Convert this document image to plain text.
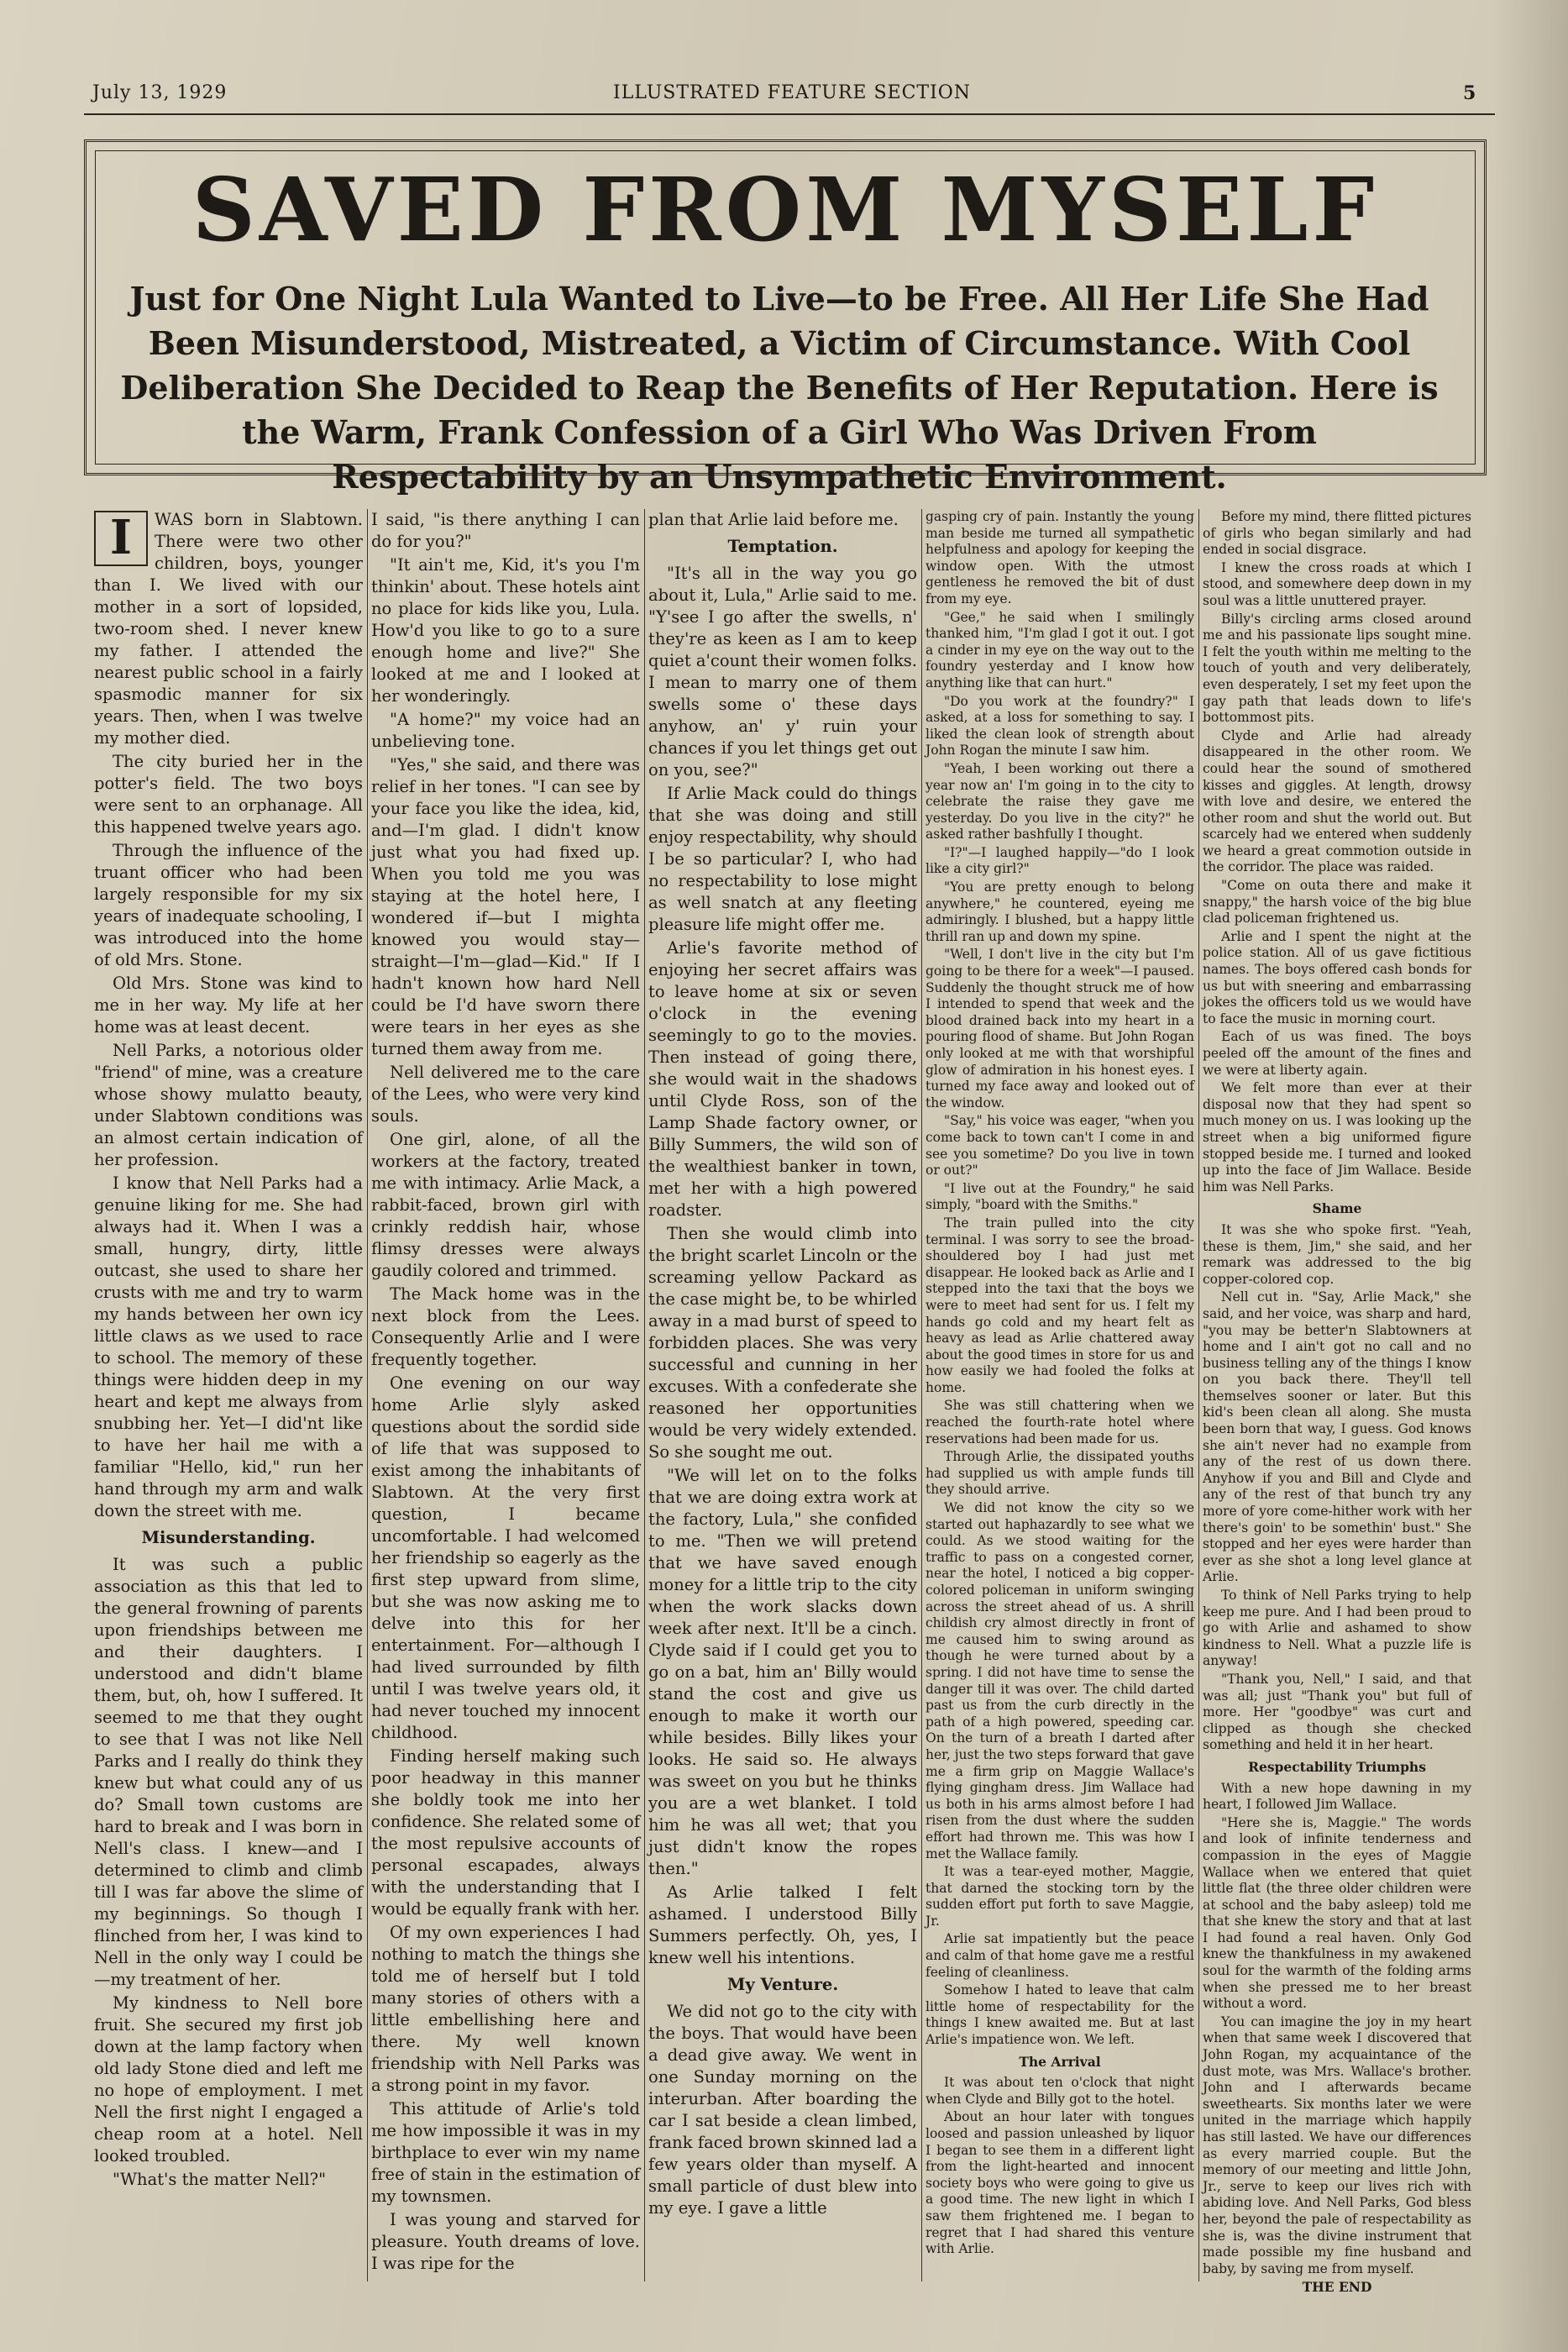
July 13, 1929	ILLUSTRATED FEATURE SECTION	5
SAVED FROM MYSELF
Just for One Night Lula Wanted to Live—to be Free. All Her Life She Had Been Misunderstood, Mistreated, a Victim of Circumstance. With Cool Deliberation She Decided to Reap the Benefits of Her Reputation. Here is the Warm, Frank Confession of a Girl Who Was Driven From Respectability by an Unsympathetic Environment.
I	WAS born in Slabtown. There were two other children, boys, younger than I. We lived with our mother in a sort of lopsided, two-room shed. I never knew my father. I attended the nearest public school in a fairly spasmodic manner for six years. Then, when I was twelve my mother died.

The city buried her in the potter's field. The two boys were sent to an orphanage. All this happened twelve years ago.

Through the influence of the truant officer who had been largely responsible for my six years of inadequate schooling, I was introduced into the home of old Mrs. Stone.

Old Mrs. Stone was kind to me in her way. My life at her home was at least decent.

Nell Parks, a notorious older "friend" of mine, was a creature whose showy mulatto beauty, under Slabtown conditions was an almost certain indication of her profession.

I know that Nell Parks had a genuine liking for me. She had always had it. When I was a small, hungry, dirty, little outcast, she used to share her crusts with me and try to warm my hands between her own icy little claws as we used to race to school. The memory of these things were hidden deep in my heart and kept me always from snubbing her. Yet—I did'nt like to have her hail me with a familiar "Hello, kid," run her hand through my arm and walk down the street with me.

Misunderstanding.

It was such a public association as this that led to the general frowning of parents upon friendships between me and their daughters. I understood and didn't blame them, but, oh, how I suffered. It seemed to me that they ought to see that I was not like Nell Parks and I really do think they knew but what could any of us do? Small town customs are hard to break and I was born in Nell's class. I knew—and I determined to climb and climb till I was far above the slime of my beginnings. So though I flinched from her, I was kind to Nell in the only way I could be—my treatment of her.

My kindness to Nell bore fruit. She secured my first job down at the lamp factory when old lady Stone died and left me no hope of employment. I met Nell the first night I engaged a cheap room at a hotel. Nell looked troubled.

"What's the matter Nell?"

I said, "is there anything I can do for you?"

"It ain't me, Kid, it's you I'm thinkin' about. These hotels aint no place for kids like you, Lula. How'd you like to go to a sure enough home and live?" She looked at me and I looked at her wonderingly.

"A home?" my voice had an unbelieving tone.

"Yes," she said, and there was relief in her tones. "I can see by your face you like the idea, kid, and—I'm glad. I didn't know just what you had fixed up. When you told me you was staying at the hotel here, I wondered if—but I mighta knowed you would stay—straight—I'm—glad—Kid." If I hadn't known how hard Nell could be I'd have sworn there were tears in her eyes as she turned them away from me.

Nell delivered me to the care of the Lees, who were very kind souls.

One girl, alone, of all the workers at the factory, treated me with intimacy. Arlie Mack, a rabbit-faced, brown girl with crinkly reddish hair, whose flimsy dresses were always gaudily colored and trimmed.

The Mack home was in the next block from the Lees. Consequently Arlie and I were frequently together.

One evening on our way home Arlie slyly asked questions about the sordid side of life that was supposed to exist among the inhabitants of Slabtown. At the very first question, I became uncomfortable. I had welcomed her friendship so eagerly as the first step upward from slime, but she was now asking me to delve into this for her entertainment. For—although I had lived surrounded by filth until I was twelve years old, it had never touched my innocent childhood.

Finding herself making such poor headway in this manner she boldly took me into her confidence. She related some of the most repulsive accounts of personal escapades, always with the understanding that I would be equally frank with her.

Of my own experiences I had nothing to match the things she told me of herself but I told many stories of others with a little embellishing here and there. My well known friendship with Nell Parks was a strong point in my favor.

This attitude of Arlie's told me how impossible it was in my birthplace to ever win my name free of stain in the estimation of my townsmen.

I was young and starved for pleasure. Youth dreams of love. I was ripe for the

plan that Arlie laid before me.

Temptation.

"It's all in the way you go about it, Lula," Arlie said to me. "Y'see I go after the swells, n' they're as keen as I am to keep quiet a'count their women folks. I mean to marry one of them swells some o' these days anyhow, an' y' ruin your chances if you let things get out on you, see?"

If Arlie Mack could do things that she was doing and still enjoy respectability, why should I be so particular? I, who had no respectability to lose might as well snatch at any fleeting pleasure life might offer me.

Arlie's favorite method of enjoying her secret affairs was to leave home at six or seven o'clock in the evening seemingly to go to the movies. Then instead of going there, she would wait in the shadows until Clyde Ross, son of the Lamp Shade factory owner, or Billy Summers, the wild son of the wealthiest banker in town, met her with a high powered roadster.

Then she would climb into the bright scarlet Lincoln or the screaming yellow Packard as the case might be, to be whirled away in a mad burst of speed to forbidden places. She was very successful and cunning in her excuses. With a confederate she reasoned her opportunities would be very widely extended. So she sought me out.

"We will let on to the folks that we are doing extra work at the factory, Lula," she confided to me. "Then we will pretend that we have saved enough money for a little trip to the city when the work slacks down week after next. It'll be a cinch. Clyde said if I could get you to go on a bat, him an' Billy would stand the cost and give us enough to make it worth our while besides. Billy likes your looks. He said so. He always was sweet on you but he thinks you are a wet blanket. I told him he was all wet; that you just didn't know the ropes then."

As Arlie talked I felt ashamed. I understood Billy Summers perfectly. Oh, yes, I knew well his intentions.

My Venture.

We did not go to the city with the boys. That would have been a dead give away. We went in one Sunday morning on the interurban. After boarding the car I sat beside a clean limbed, frank faced brown skinned lad a few years older than myself. A small particle of dust blew into my eye. I gave a little

gasping cry of pain. Instantly the young man beside me turned all sympathetic helpfulness and apology for keeping the window open. With the utmost gentleness he removed the bit of dust from my eye.

"Gee," he said when I smilingly thanked him, "I'm glad I got it out. I got a cinder in my eye on the way out to the foundry yesterday and I know how anything like that can hurt."

"Do you work at the foundry?" I asked, at a loss for something to say. I liked the clean look of strength about John Rogan the minute I saw him.

"Yeah, I been working out there a year now an' I'm going in to the city to celebrate the raise they gave me yesterday. Do you live in the city?" he asked rather bashfully I thought.

"I?"—I laughed happily—"do I look like a city girl?"

"You are pretty enough to belong anywhere," he countered, eyeing me admiringly. I blushed, but a happy little thrill ran up and down my spine.

"Well, I don't live in the city but I'm going to be there for a week"—I paused. Suddenly the thought struck me of how I intended to spend that week and the blood drained back into my heart in a pouring flood of shame. But John Rogan only looked at me with that worshipful glow of admiration in his honest eyes. I turned my face away and looked out of the window.

"Say," his voice was eager, "when you come back to town can't I come in and see you sometime? Do you live in town or out?"

"I live out at the Foundry," he said simply, "board with the Smiths."

The train pulled into the city terminal. I was sorry to see the broad-shouldered boy I had just met disappear. He looked back as Arlie and I stepped into the taxi that the boys we were to meet had sent for us. I felt my hands go cold and my heart felt as heavy as lead as Arlie chattered away about the good times in store for us and how easily we had fooled the folks at home.

She was still chattering when we reached the fourth-rate hotel where reservations had been made for us.

Through Arlie, the dissipated youths had supplied us with ample funds till they should arrive.

We did not know the city so we started out haphazardly to see what we could. As we stood waiting for the traffic to pass on a congested corner, near the hotel, I noticed a big copper-colored policeman in uniform swinging across the street ahead of us. A shrill childish cry almost directly in front of me caused him to swing around as though he were turned about by a spring. I did not have time to sense the danger till it was over. The child darted past us from the curb directly in the path of a high powered, speeding car. On the turn of a breath I darted after her, just the two steps forward that gave me a firm grip on Maggie Wallace's flying gingham dress. Jim Wallace had us both in his arms almost before I had risen from the dust where the sudden effort had thrown me. This was how I met the Wallace family.

It was a tear-eyed mother, Maggie, that darned the stocking torn by the sudden effort put forth to save Maggie, Jr.

Arlie sat impatiently but the peace and calm of that home gave me a restful feeling of cleanliness.

Somehow I hated to leave that calm little home of respectability for the things I knew awaited me. But at last Arlie's impatience won. We left.

The Arrival

It was about ten o'clock that night when Clyde and Billy got to the hotel.

About an hour later with tongues loosed and passion unleashed by liquor I began to see them in a different light from the light-hearted and innocent society boys who were going to give us a good time. The new light in which I saw them frightened me. I began to regret that I had shared this venture with Arlie.

Before my mind, there flitted pictures of girls who began similarly and had ended in social disgrace.

I knew the cross roads at which I stood, and somewhere deep down in my soul was a little unuttered prayer.

Billy's circling arms closed around me and his passionate lips sought mine. I felt the youth within me melting to the touch of youth and very deliberately, even desperately, I set my feet upon the gay path that leads down to life's bottommost pits.

Clyde and Arlie had already disappeared in the other room. We could hear the sound of smothered kisses and giggles. At length, drowsy with love and desire, we entered the other room and shut the world out. But scarcely had we entered when suddenly we heard a great commotion outside in the corridor. The place was raided.

"Come on outa there and make it snappy," the harsh voice of the big blue clad policeman frightened us.

Arlie and I spent the night at the police station. All of us gave fictitious names. The boys offered cash bonds for us but with sneering and embarrassing jokes the officers told us we would have to face the music in morning court.

Each of us was fined. The boys peeled off the amount of the fines and we were at liberty again.

We felt more than ever at their disposal now that they had spent so much money on us. I was looking up the street when a big uniformed figure stopped beside me. I turned and looked up into the face of Jim Wallace. Beside him was Nell Parks.

Shame

It was she who spoke first. "Yeah, these is them, Jim," she said, and her remark was addressed to the big copper-colored cop.

Nell cut in. "Say, Arlie Mack," she said, and her voice, was sharp and hard, "you may be better'n Slabtowners at home and I ain't got no call and no business telling any of the things I know on you back there. They'll tell themselves sooner or later. But this kid's been clean all along. She musta been born that way, I guess. God knows she ain't never had no example from any of the rest of us down there. Anyhow if you and Bill and Clyde and any of the rest of that bunch try any more of yore come-hither work with her there's goin' to be somethin' bust." She stopped and her eyes were harder than ever as she shot a long level glance at Arlie.

To think of Nell Parks trying to help keep me pure. And I had been proud to go with Arlie and ashamed to show kindness to Nell. What a puzzle life is anyway!

"Thank you, Nell," I said, and that was all; just "Thank you" but full of more. Her "goodbye" was curt and clipped as though she checked something and held it in her heart.

Respectability Triumphs

With a new hope dawning in my heart, I followed Jim Wallace.

"Here she is, Maggie." The words and look of infinite tenderness and compassion in the eyes of Maggie Wallace when we entered that quiet little flat (the three older children were at school and the baby asleep) told me that she knew the story and that at last I had found a real haven. Only God knew the thankfulness in my awakened soul for the warmth of the folding arms when she pressed me to her breast without a word.

You can imagine the joy in my heart when that same week I discovered that John Rogan, my acquaintance of the dust mote, was Mrs. Wallace's brother. John and I afterwards became sweethearts. Six months later we were united in the marriage which happily has still lasted. We have our differences as every married couple. But the memory of our meeting and little John, Jr., serve to keep our lives rich with abiding love. And Nell Parks, God bless her, beyond the pale of respectability as she is, was the divine instrument that made possible my fine husband and baby, by saving me from myself.

THE END
